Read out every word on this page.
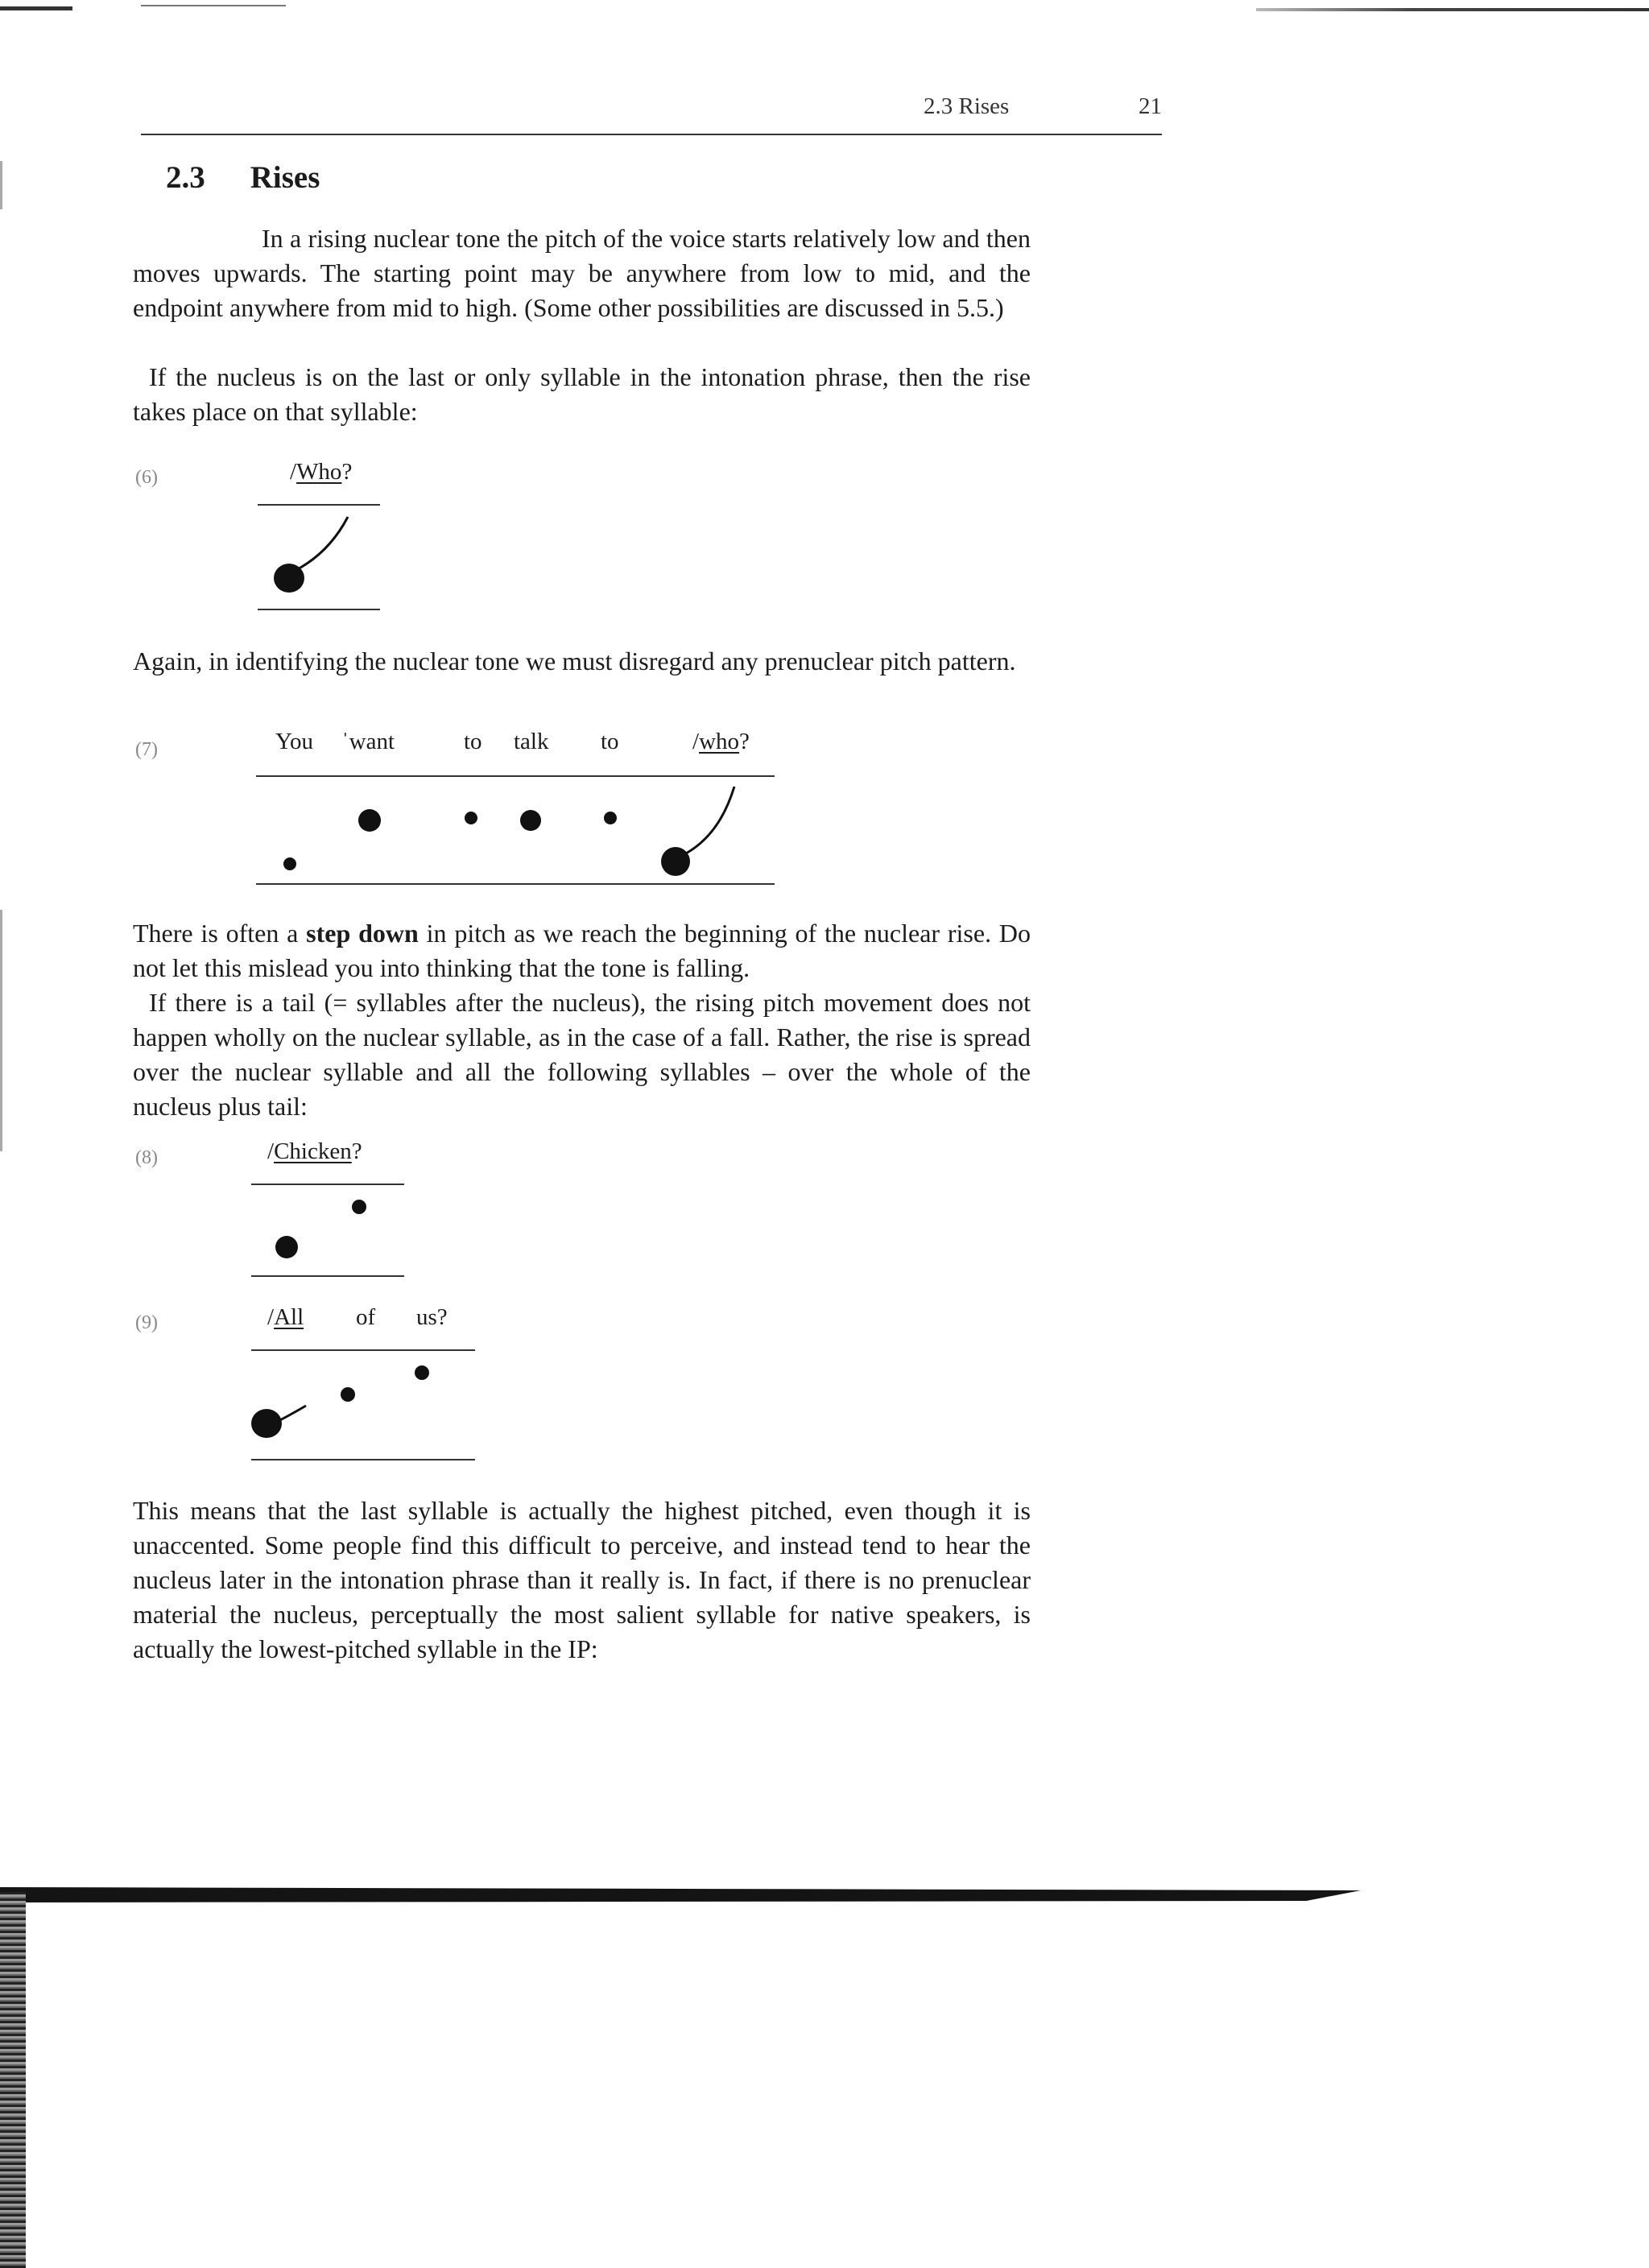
2.3 Rises	21
2.3 Rises

In a rising nuclear tone the pitch of the voice starts relatively low and then moves upwards. The starting point may be anywhere from low to mid, and the endpoint anywhere from mid to high. (Some other possibilities are discussed in 5.5.)

If the nucleus is on the last or only syllable in the intonation phrase, then the rise takes place on that syllable:

(6)	/Who?

Again, in identifying the nuclear tone we must disregard any prenuclear pitch pattern.

(7)	You ˈwant	to talk to	/who?

There is often a step down in pitch as we reach the beginning of the nuclear rise. Do not let this mislead you into thinking that the tone is falling.

If there is a tail (= syllables after the nucleus), the rising pitch movement does not happen wholly on the nuclear syllable, as in the case of a fall. Rather, the rise is spread over the nuclear syllable and all the following syllables – over the whole of the nucleus plus tail:

(8)	/Chicken?
(9)	/All of us?

This means that the last syllable is actually the highest pitched, even though it is unaccented. Some people find this difficult to perceive, and instead tend to hear the nucleus later in the intonation phrase than it really is. In fact, if there is no prenuclear material the nucleus, perceptually the most salient syllable for native speakers, is actually the lowest-pitched syllable in the IP:
